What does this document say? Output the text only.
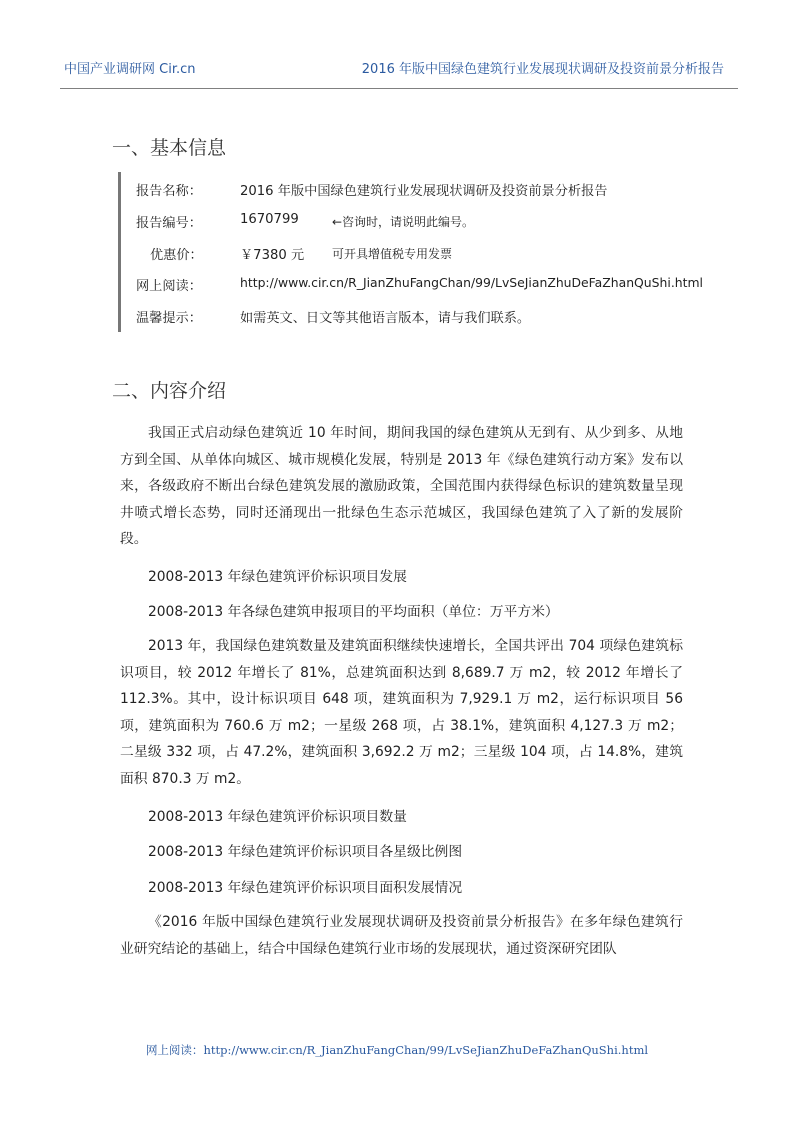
中国产业调研网 Cir.cn	2016 年版中国绿色建筑行业发展现状调研及投资前景分析报告
一、基本信息
报告名称：	2016 年版中国绿色建筑行业发展现状调研及投资前景分析报告
报告编号：	1670799	←咨询时，请说明此编号。
优惠价：	￥7380 元 可开具增值税专用发票
网上阅读：	http://www.cir.cn/R_JianZhuFangChan/99/LvSeJianZhuDeFaZhanQuShi.html
温馨提示：	如需英文、日文等其他语言版本，请与我们联系。
二、内容介绍

我国正式启动绿色建筑近 10 年时间，期间我国的绿色建筑从无到有、从少到多、从地方到全国、从单体向城区、城市规模化发展，特别是 2013 年《绿色建筑行动方案》发布以来，各级政府不断出台绿色建筑发展的激励政策，全国范围内获得绿色标识的建筑数量呈现井喷式增长态势，同时还涌现出一批绿色生态示范城区，我国绿色建筑了入了新的发展阶段。

2008-2013 年绿色建筑评价标识项目发展
2008-2013 年各绿色建筑申报项目的平均面积（单位：万平方米）

2013 年，我国绿色建筑数量及建筑面积继续快速增长，全国共评出 704 项绿色建筑标识项目，较 2012 年增长了 81%，总建筑面积达到 8,689.7 万 m2，较 2012 年增长了 112.3%。其中，设计标识项目 648 项，建筑面积为 7,929.1 万 m2，运行标识项目 56 项，建筑面积为 760.6 万 m2；一星级 268 项，占 38.1%，建筑面积 4,127.3 万 m2；二星级 332 项，占 47.2%，建筑面积 3,692.2 万 m2；三星级 104 项，占 14.8%，建筑面积 870.3 万 m2。

2008-2013 年绿色建筑评价标识项目数量
2008-2013 年绿色建筑评价标识项目各星级比例图
2008-2013 年绿色建筑评价标识项目面积发展情况

《2016 年版中国绿色建筑行业发展现状调研及投资前景分析报告》在多年绿色建筑行业研究结论的基础上，结合中国绿色建筑行业市场的发展现状，通过资深研究团队

网上阅读：http://www.cir.cn/R_JianZhuFangChan/99/LvSeJianZhuDeFaZhanQuShi.html
